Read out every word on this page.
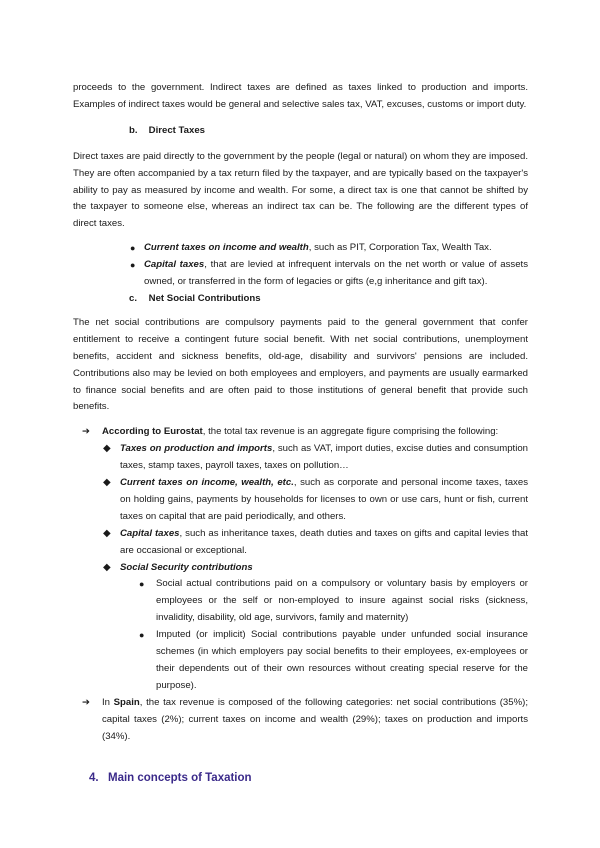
proceeds to the government. Indirect taxes are defined as taxes linked to production and imports. Examples of indirect taxes would be general and selective sales tax, VAT, excuses, customs or import duty.

b. Direct Taxes

Direct taxes are paid directly to the government by the people (legal or natural) on whom they are imposed. They are often accompanied by a tax return filed by the taxpayer, and are typically based on the taxpayer's ability to pay as measured by income and wealth. For some, a direct tax is one that cannot be shifted by the taxpayer to someone else, whereas an indirect tax can be. The following are the different types of direct taxes.

● Current taxes on income and wealth, such as PIT, Corporation Tax, Wealth Tax.
● Capital taxes, that are levied at infrequent intervals on the net worth or value of assets owned, or transferred in the form of legacies or gifts (e,g inheritance and gift tax).
c. Net Social Contributions

The net social contributions are compulsory payments paid to the general government that confer entitlement to receive a contingent future social benefit. With net social contributions, unemployment benefits, accident and sickness benefits, old-age, disability and survivors' pensions are included. Contributions also may be levied on both employees and employers, and payments are usually earmarked to finance social benefits and are often paid to those institutions of general benefit that provide such benefits.

➔ According to Eurostat, the total tax revenue is an aggregate figure comprising the following:
◆ Taxes on production and imports, such as VAT, import duties, excise duties and consumption taxes, stamp taxes, payroll taxes, taxes on pollution…
◆ Current taxes on income, wealth, etc., such as corporate and personal income taxes, taxes on holding gains, payments by households for licenses to own or use cars, hunt or fish, current taxes on capital that are paid periodically, and others.
◆ Capital taxes, such as inheritance taxes, death duties and taxes on gifts and capital levies that are occasional or exceptional.
◆ Social Security contributions
● Social actual contributions paid on a compulsory or voluntary basis by employers or employees or the self or non-employed to insure against social risks (sickness, invalidity, disability, old age, survivors, family and maternity)
● Imputed (or implicit) Social contributions payable under unfunded social insurance schemes (in which employers pay social benefits to their employees, ex-employees or their dependents out of their own resources without creating special reserve for the purpose).
➔ In Spain, the tax revenue is composed of the following categories: net social contributions (35%); capital taxes (2%); current taxes on income and wealth (29%); taxes on production and imports (34%).
4. Main concepts of Taxation
